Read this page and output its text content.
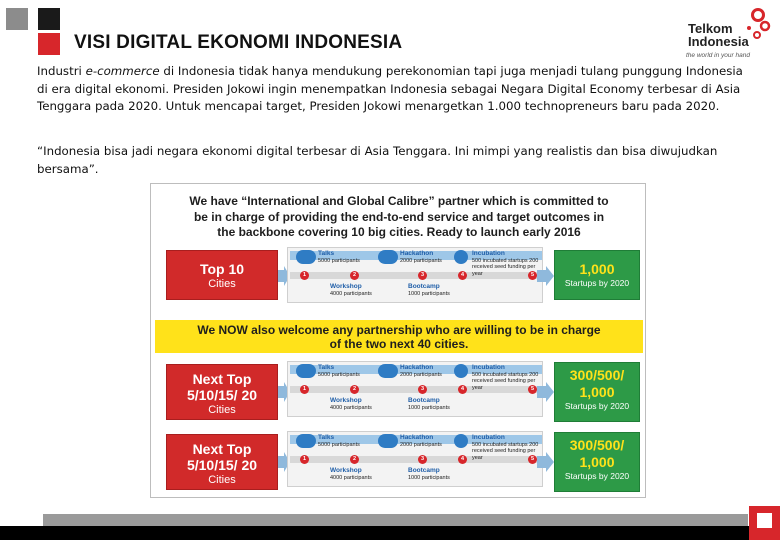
VISI DIGITAL EKONOMI INDONESIA
Telkom
Indonesia
the world in your hand

Industri e-commerce di Indonesia tidak hanya mendukung perekonomian tapi juga menjadi tulang punggung Indonesia di era digital ekonomi. Presiden Jokowi ingin menempatkan Indonesia sebagai Negara Digital Economy terbesar di Asia Tenggara pada 2020. Untuk mencapai target, Presiden Jokowi menargetkan 1.000 technopreneurs baru pada 2020.

“Indonesia bisa jadi negara ekonomi digital terbesar di Asia Tenggara. Ini mimpi yang realistis dan bisa diwujudkan bersama”.

We have “International and Global Calibre” partner which is committed to be in charge of providing the end-to-end service and target outcomes in the backbone covering 10 big cities. Ready to launch early 2016
Top 10
Cities
Talks
5000 participants
Hackathon
2000 participants
Incubation
500 incubated startups 200 received seed funding per year
1	2	3	4	5
Workshop
4000 participants
Bootcamp
1000 participants
1,000
Startups by 2020
We NOW also welcome any partnership who are willing to be in charge of the two next 40 cities.
Next Top 5/10/15/ 20
Cities
Talks
5000 participants
Hackathon
2000 participants
Incubation
500 incubated startups 200 received seed funding per year
1	2	3	4	5
Workshop
4000 participants
Bootcamp
1000 participants
300/500/ 1,000
Startups by 2020
Next Top 5/10/15/ 20
Cities
Talks
5000 participants
Hackathon
2000 participants
Incubation
500 incubated startups 200 received seed funding per year
1	2	3	4	5
Workshop
4000 participants
Bootcamp
1000 participants
300/500/ 1,000
Startups by 2020
